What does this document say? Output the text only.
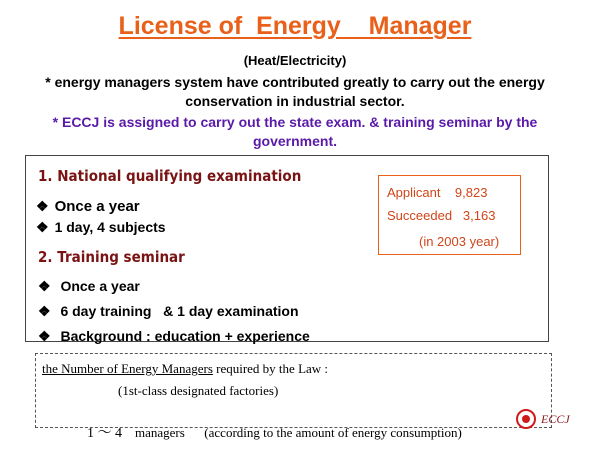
License of  Energy    Manager
(Heat/Electricity)
* energy managers system have contributed greatly to carry out the energy conservation in industrial sector.
* ECCJ is assigned to carry out the state exam. & training seminar by the government.
1. National qualifying examination
❖ Once a year
❖ 1 day, 4 subjects
2. Training seminar
❖ Once a year
❖ 6 day training   & 1 day examination
❖ Background : education + experience
Applicant    9,823
Succeeded   3,163
(in 2003 year)
the Number of Energy Managers required by the Law :
(1st-class designated factories)

1 ～ 4    managers      (according to the amount of energy consumption)

ECCJ
